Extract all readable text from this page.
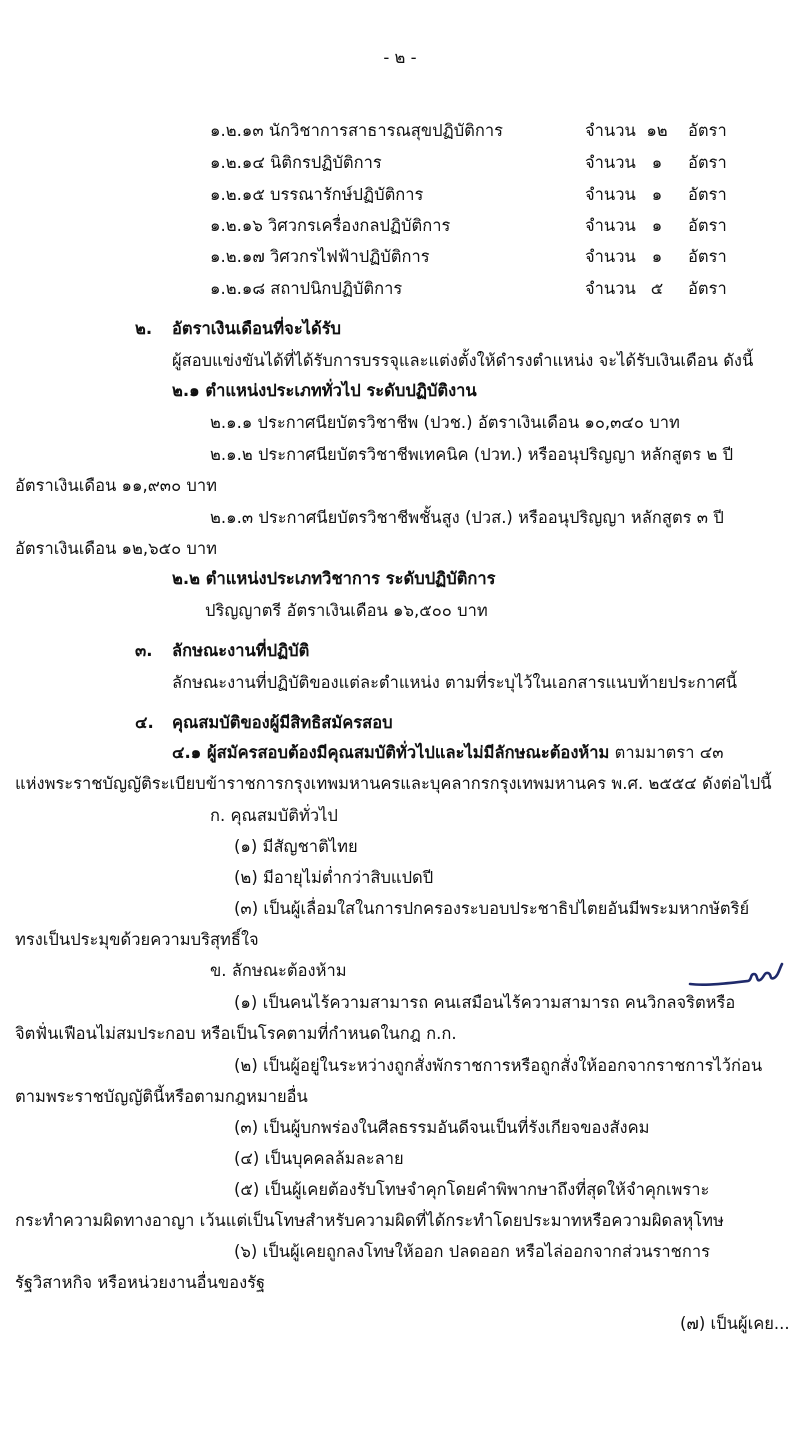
- ๒ -
๑.๒.๑๓ นักวิชาการสาธารณสุขปฏิบัติการ	จำนวน ๑๒	อัตรา
๑.๒.๑๔ นิติกรปฏิบัติการ	จำนวน ๑	อัตรา
๑.๒.๑๕ บรรณารักษ์ปฏิบัติการ	จำนวน ๑	อัตรา
๑.๒.๑๖ วิศวกรเครื่องกลปฏิบัติการ	จำนวน ๑	อัตรา
๑.๒.๑๗ วิศวกรไฟฟ้าปฏิบัติการ	จำนวน ๑	อัตรา
๑.๒.๑๘ สถาปนิกปฏิบัติการ	จำนวน ๕	อัตรา
๒. อัตราเงินเดือนที่จะได้รับ
ผู้สอบแข่งขันได้ที่ได้รับการบรรจุและแต่งตั้งให้ดำรงตำแหน่ง จะได้รับเงินเดือน ดังนี้
๒.๑ ตำแหน่งประเภททั่วไป ระดับปฏิบัติงาน
๒.๑.๑ ประกาศนียบัตรวิชาชีพ (ปวช.) อัตราเงินเดือน ๑๐,๓๔๐ บาท
๒.๑.๒ ประกาศนียบัตรวิชาชีพเทคนิค (ปวท.) หรืออนุปริญญา หลักสูตร ๒ ปี
อัตราเงินเดือน ๑๑,๙๓๐ บาท
๒.๑.๓ ประกาศนียบัตรวิชาชีพชั้นสูง (ปวส.) หรืออนุปริญญา หลักสูตร ๓ ปี
อัตราเงินเดือน ๑๒,๖๕๐ บาท
๒.๒ ตำแหน่งประเภทวิชาการ ระดับปฏิบัติการ
ปริญญาตรี อัตราเงินเดือน ๑๖,๕๐๐ บาท
๓. ลักษณะงานที่ปฏิบัติ
ลักษณะงานที่ปฏิบัติของแต่ละตำแหน่ง ตามที่ระบุไว้ในเอกสารแนบท้ายประกาศนี้
๔. คุณสมบัติของผู้มีสิทธิสมัครสอบ
๔.๑ ผู้สมัครสอบต้องมีคุณสมบัติทั่วไปและไม่มีลักษณะต้องห้าม ตามมาตรา ๔๓
แห่งพระราชบัญญัติระเบียบข้าราชการกรุงเทพมหานครและบุคลากรกรุงเทพมหานคร พ.ศ. ๒๕๕๔ ดังต่อไปนี้
ก. คุณสมบัติทั่วไป
(๑) มีสัญชาติไทย
(๒) มีอายุไม่ต่ำกว่าสิบแปดปี
(๓) เป็นผู้เลื่อมใสในการปกครองระบอบประชาธิปไตยอันมีพระมหากษัตริย์
ทรงเป็นประมุขด้วยความบริสุทธิ์ใจ
ข. ลักษณะต้องห้าม
(๑) เป็นคนไร้ความสามารถ คนเสมือนไร้ความสามารถ คนวิกลจริตหรือ
จิตฟั่นเฟือนไม่สมประกอบ หรือเป็นโรคตามที่กำหนดในกฎ ก.ก.
(๒) เป็นผู้อยู่ในระหว่างถูกสั่งพักราชการหรือถูกสั่งให้ออกจากราชการไว้ก่อน
ตามพระราชบัญญัตินี้หรือตามกฎหมายอื่น
(๓) เป็นผู้บกพร่องในศีลธรรมอันดีจนเป็นที่รังเกียจของสังคม
(๔) เป็นบุคคลล้มละลาย
(๕) เป็นผู้เคยต้องรับโทษจำคุกโดยคำพิพากษาถึงที่สุดให้จำคุกเพราะ
กระทำความผิดทางอาญา เว้นแต่เป็นโทษสำหรับความผิดที่ได้กระทำโดยประมาทหรือความผิดลหุโทษ
(๖) เป็นผู้เคยถูกลงโทษให้ออก ปลดออก หรือไล่ออกจากส่วนราชการ
รัฐวิสาหกิจ หรือหน่วยงานอื่นของรัฐ
(๗) เป็นผู้เคย...
